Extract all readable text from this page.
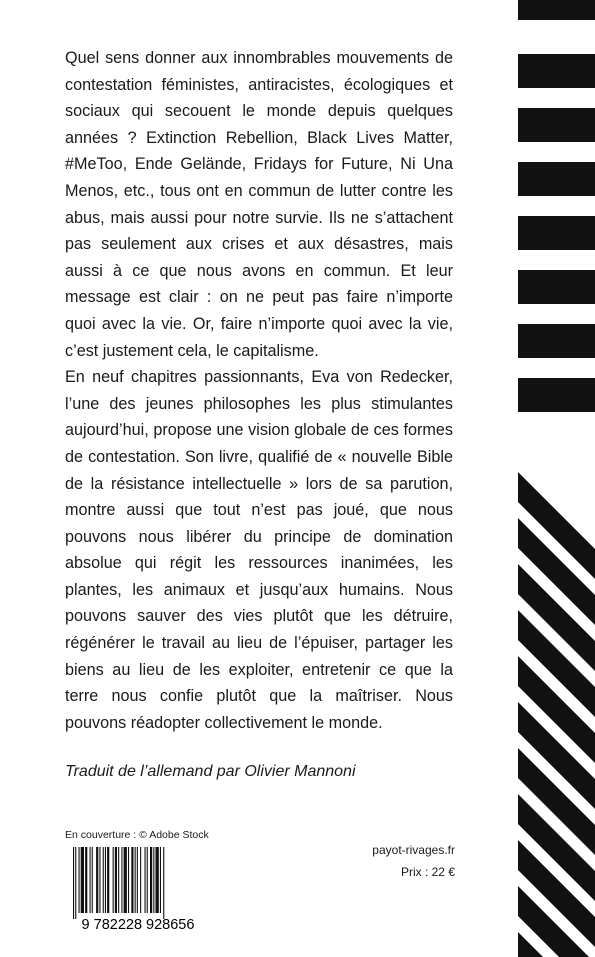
Quel sens donner aux innombrables mouvements de contestation féministes, antiracistes, écologiques et sociaux qui secouent le monde depuis quelques années ? Extinction Rebellion, Black Lives Matter, #MeToo, Ende Gelände, Fridays for Future, Ni Una Menos, etc., tous ont en commun de lutter contre les abus, mais aussi pour notre survie. Ils ne s’attachent pas seulement aux crises et aux désastres, mais aussi à ce que nous avons en commun. Et leur message est clair : on ne peut pas faire n’importe quoi avec la vie. Or, faire n’importe quoi avec la vie, c’est justement cela, le capitalisme.

En neuf chapitres passionnants, Eva von Redecker, l’une des jeunes philosophes les plus stimulantes aujourd’hui, propose une vision globale de ces formes de contestation. Son livre, qualifié de « nouvelle Bible de la résistance intellectuelle » lors de sa parution, montre aussi que tout n’est pas joué, que nous pouvons nous libérer du principe de domination absolue qui régit les ressources inanimées, les plantes, les animaux et jusqu’aux humains. Nous pouvons sauver des vies plutôt que les détruire, régénérer le travail au lieu de l’épuiser, partager les biens au lieu de les exploiter, entretenir ce que la terre nous confie plutôt que la maîtriser. Nous pouvons réadopter collectivement le monde.

Traduit de l’allemand par Olivier Mannoni
En couverture : © Adobe Stock
9 782228 928656
payot-rivages.fr
Prix : 22 €
